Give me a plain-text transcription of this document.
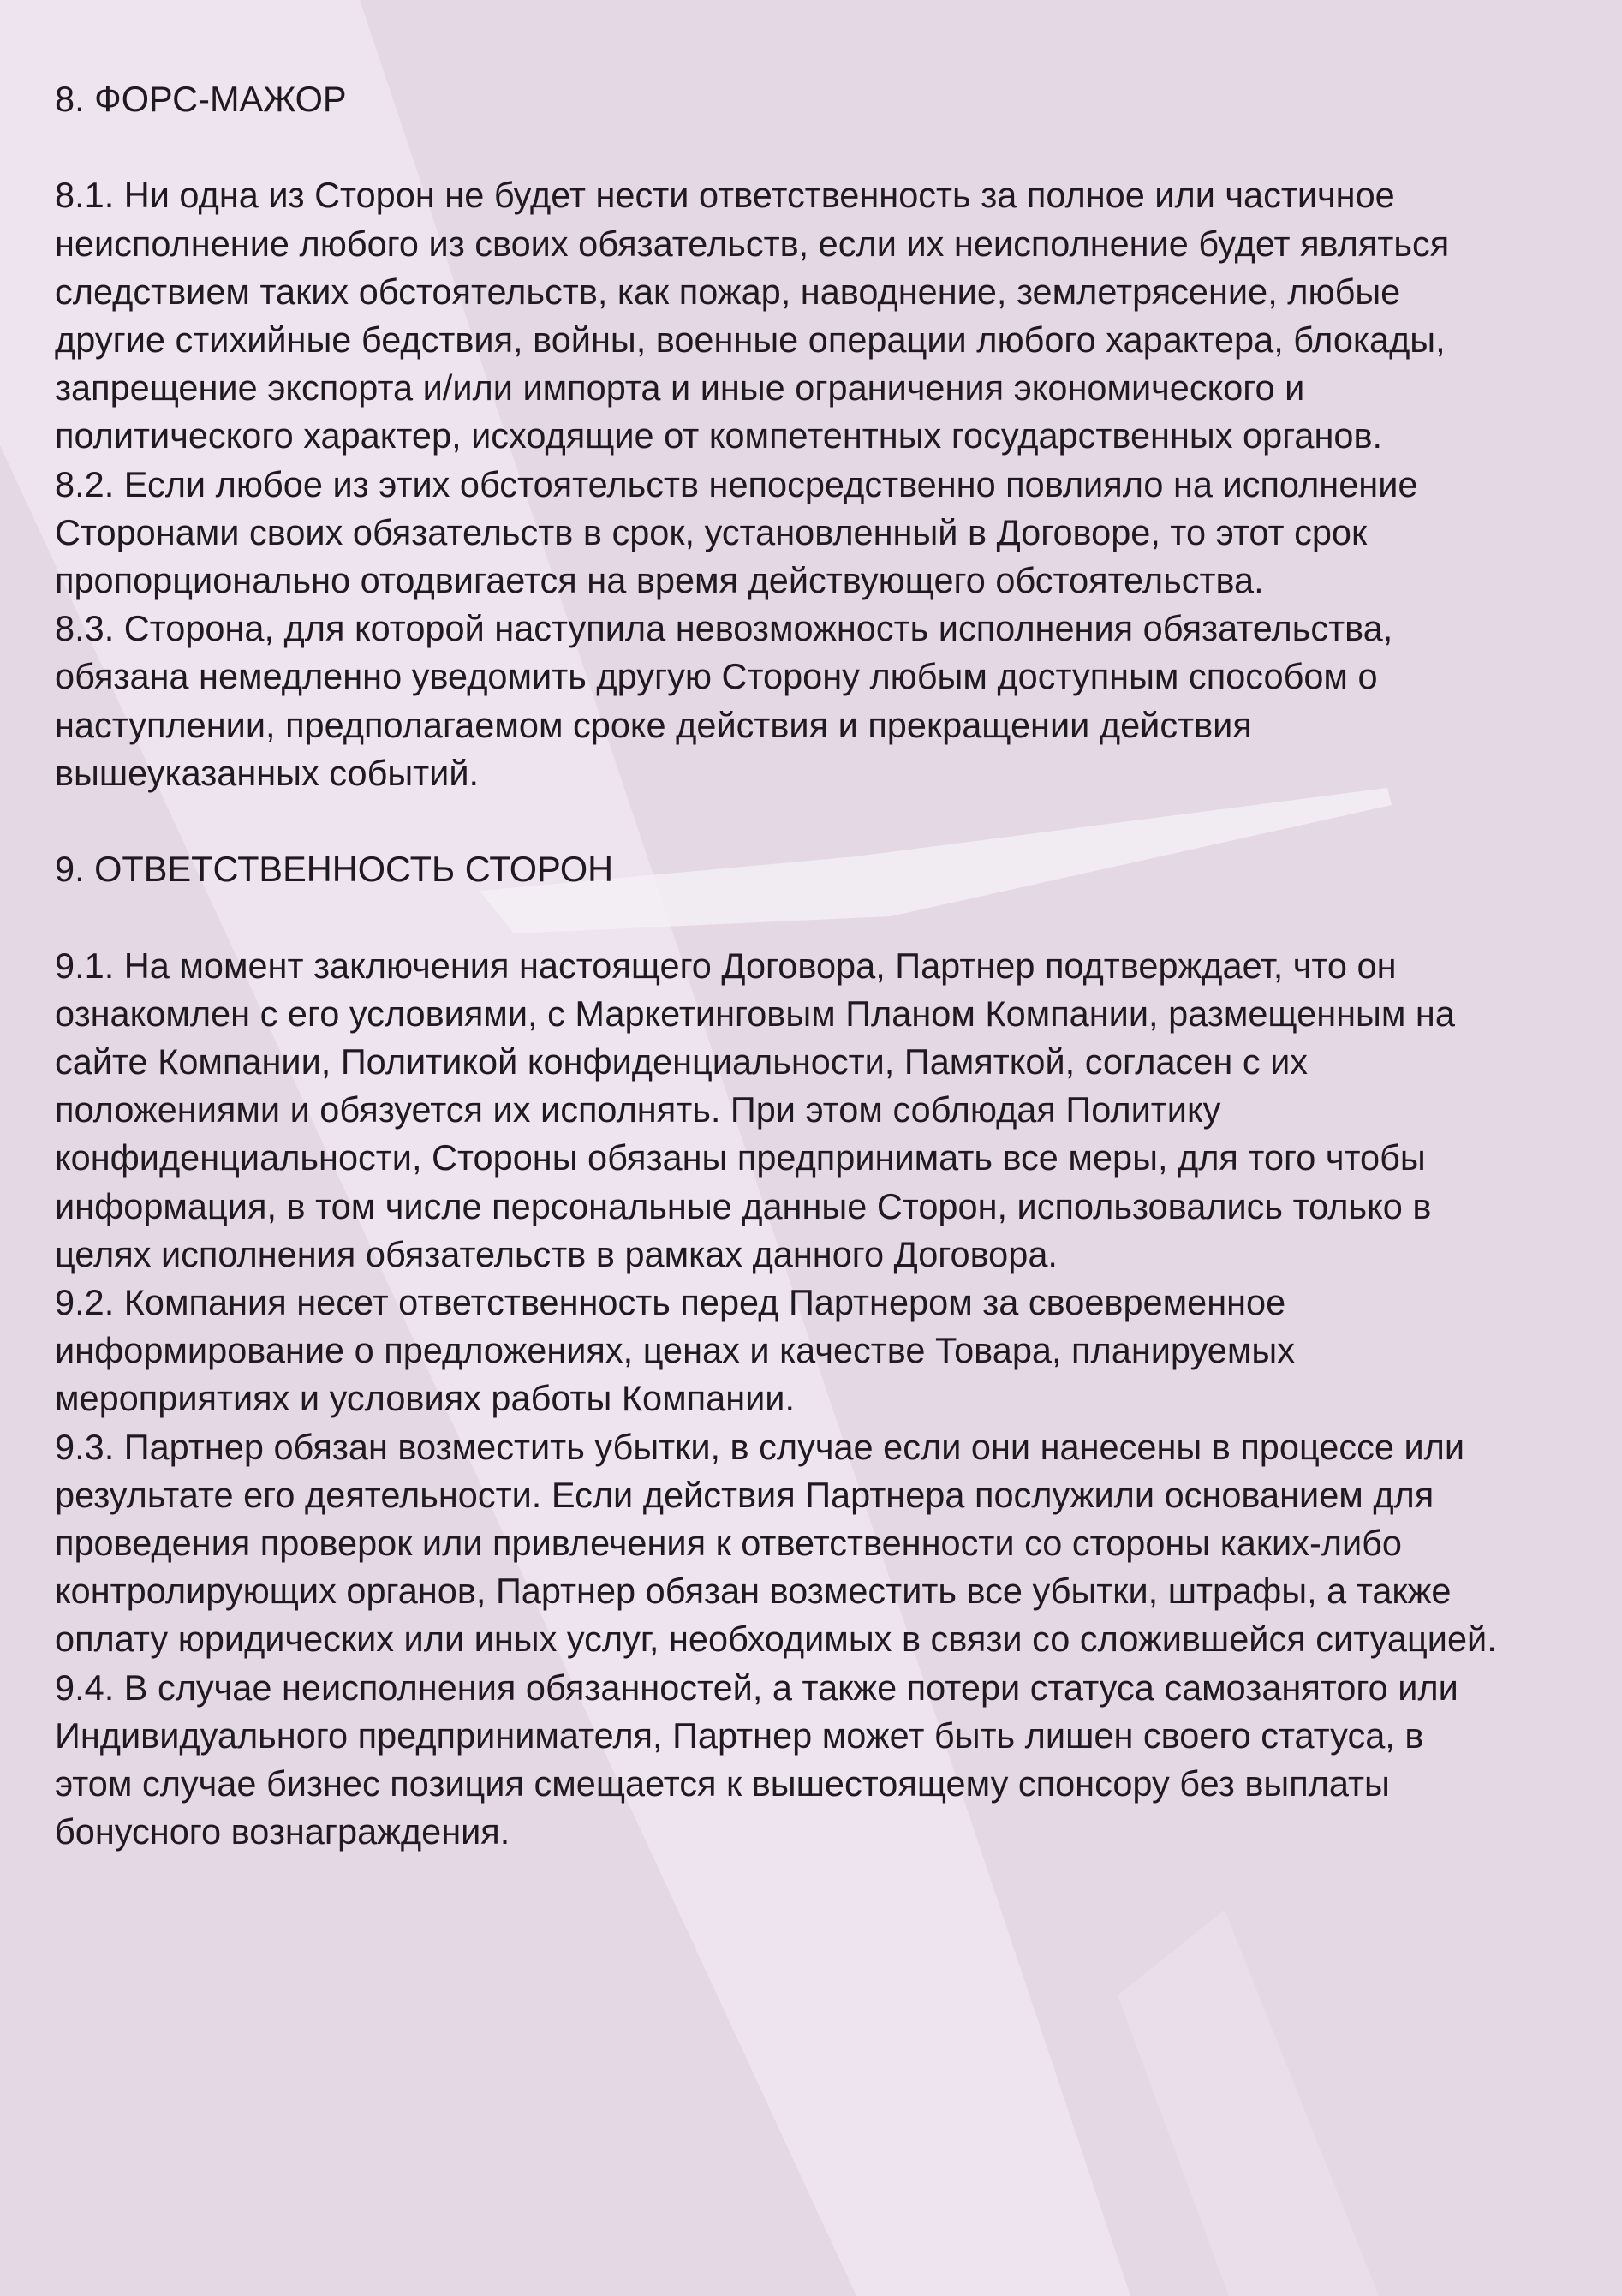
8. ФОРС-МАЖОР

8.1. Ни одна из Сторон не будет нести ответственность за полное или частичное

неисполнение любого из своих обязательств, если их неисполнение будет являться

следствием таких обстоятельств, как пожар, наводнение, землетрясение, любые

другие стихийные бедствия, войны, военные операции любого характера, блокады,

запрещение экспорта и/или импорта и иные ограничения экономического и

политического характер, исходящие от компетентных государственных органов.

8.2. Если любое из этих обстоятельств непосредственно повлияло на исполнение

Сторонами своих обязательств в срок, установленный в Договоре, то этот срок

пропорционально отодвигается на время действующего обстоятельства.

8.3. Сторона, для которой наступила невозможность исполнения обязательства,

обязана немедленно уведомить другую Сторону любым доступным способом о

наступлении, предполагаемом сроке действия и прекращении действия

вышеуказанных событий.

9. ОТВЕТСТВЕННОСТЬ СТОРОН

9.1. На момент заключения настоящего Договора, Партнер подтверждает, что он

ознакомлен с его условиями, с Маркетинговым Планом Компании, размещенным на

сайте Компании, Политикой конфиденциальности, Памяткой, согласен с их

положениями и обязуется их исполнять. При этом соблюдая Политику

конфиденциальности, Стороны обязаны предпринимать все меры, для того чтобы

информация, в том числе персональные данные Сторон, использовались только в

целях исполнения обязательств в рамках данного Договора.

9.2. Компания несет ответственность перед Партнером за своевременное

информирование о предложениях, ценах и качестве Товара, планируемых

мероприятиях и условиях работы Компании.

9.3. Партнер обязан возместить убытки, в случае если они нанесены в процессе или

результате его деятельности. Если действия Партнера послужили основанием для

проведения проверок или привлечения к ответственности со стороны каких-либо

контролирующих органов, Партнер обязан возместить все убытки, штрафы, а также

оплату юридических или иных услуг, необходимых в связи со сложившейся ситуацией.

9.4. В случае неисполнения обязанностей, а также потери статуса самозанятого или

Индивидуального предпринимателя, Партнер может быть лишен своего статуса, в

этом случае бизнес позиция смещается к вышестоящему спонсору без выплаты

бонусного вознаграждения.
